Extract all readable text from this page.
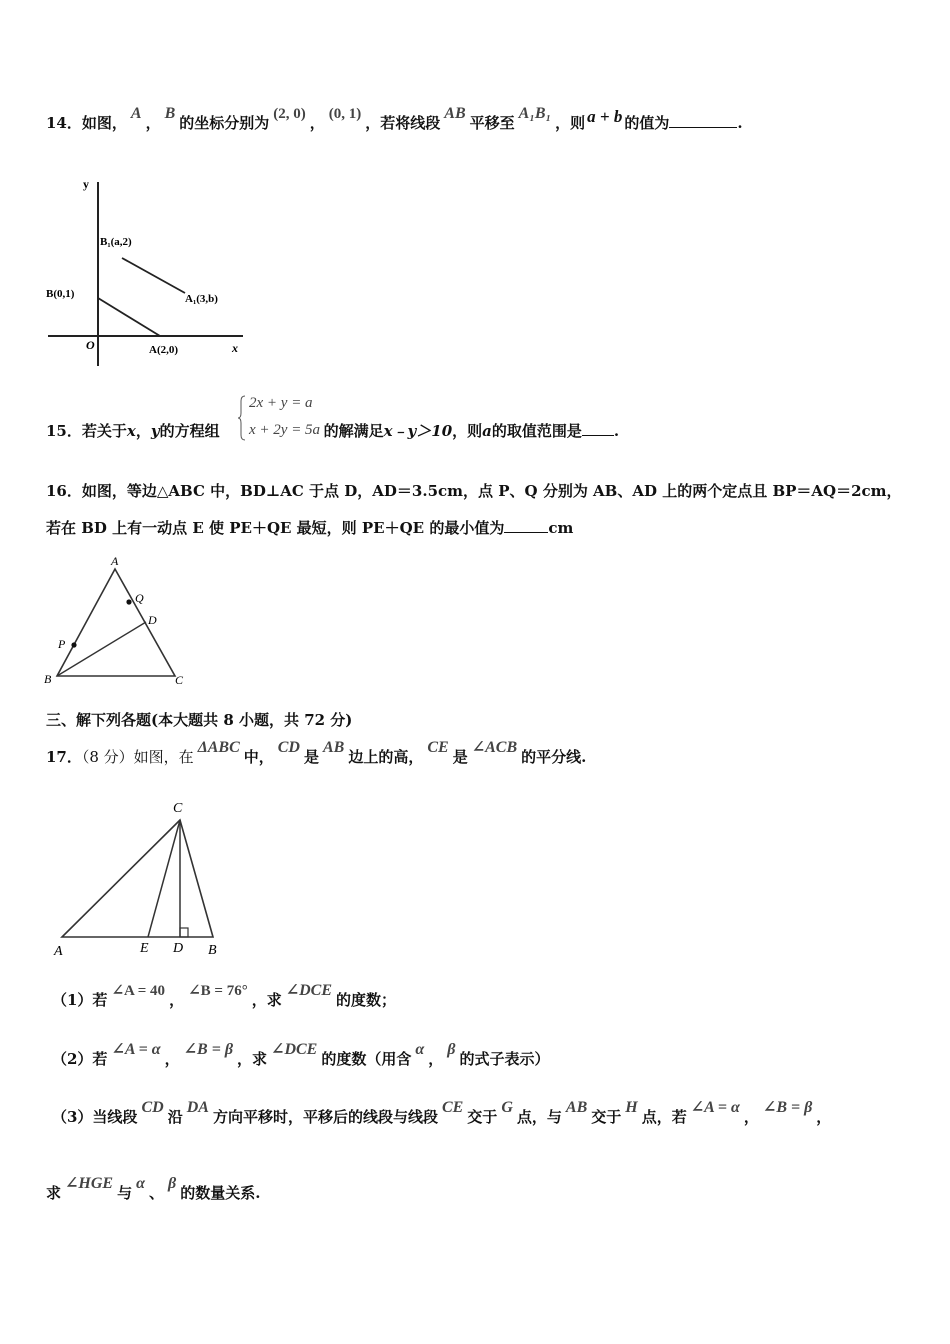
14．如图，A，B的坐标分别为 (2, 0) ， (0, 1) ，若将线段AB平移至A₁B₁，则 a + b 的值为	.
y
x
O
B₁(a,2)
A₁(3,b)
B(0,1)
A(2,0)
15．若关于x，y的方程组	的解满足x﹣y＞10，则a的取值范围是 .
2x + y = a
x + 2y = 5a
16．如图，等边△ABC 中，BD⊥AC 于点 D，AD＝3.5cm，点 P、Q 分别为 AB、AD 上的两个定点且 BP＝AQ＝2cm，
若在 BD 上有一动点 E 使 PE＋QE 最短，则 PE＋QE 的最小值为	cm
A
Q
D
P
B	C
三、解下列各题(本大题共 8 小题，共 72 分)
17．（8 分）如图，在ΔABC中，CD是AB边上的高，CE是∠ACB的平分线.
C
A	E D B
（1）若 ∠A = 40 ， ∠B = 76° ，求∠DCE的度数；
（2）若∠A = α，∠B = β，求∠DCE的度数（用含α，β的式子表示）
（3）当线段CD沿DA方向平移时，平移后的线段与线段CE交于G点，与AB交于H点，若∠A = α，∠B = β，
求∠HGE与α、β的数量关系.
